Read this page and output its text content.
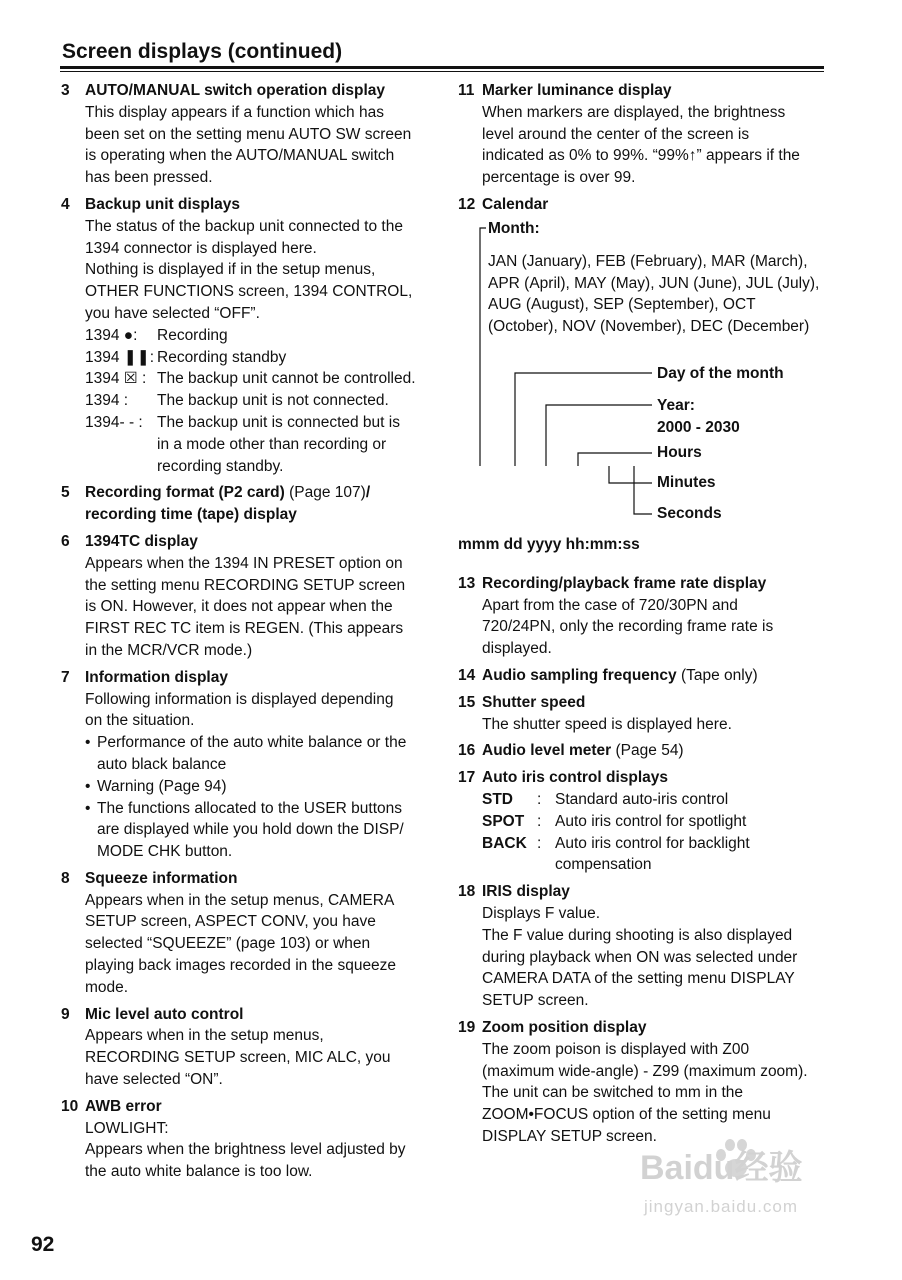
Screen displays (continued)
3 AUTO/MANUAL switch operation display
This display appears if a function which has
been set on the setting menu AUTO SW screen
is operating when the AUTO/MANUAL switch
has been pressed.
4 Backup unit displays
The status of the backup unit connected to the
1394 connector is displayed here.
Nothing is displayed if in the setup menus,
OTHER FUNCTIONS screen, 1394 CONTROL,
you have selected “OFF”.
1394 ●:	Recording
1394 ❚❚: Recording standby
1394 ☒ : The backup unit cannot be controlled.
1394 :	The backup unit is not connected.
1394- - : The backup unit is connected but is
in a mode other than recording or
recording standby.
5 Recording format (P2 card) (Page 107)/
recording time (tape) display
6 1394TC display
Appears when the 1394 IN PRESET option on
the setting menu RECORDING SETUP screen
is ON. However, it does not appear when the
FIRST REC TC item is REGEN. (This appears
in the MCR/VCR mode.)
7 Information display
Following information is displayed depending
on the situation.
• Performance of the auto white balance or the
auto black balance
• Warning (Page 94)
• The functions allocated to the USER buttons
are displayed while you hold down the DISP/
MODE CHK button.
8 Squeeze information
Appears when in the setup menus, CAMERA
SETUP screen, ASPECT CONV, you have
selected “SQUEEZE” (page 103) or when
playing back images recorded in the squeeze
mode.
9 Mic level auto control
Appears when in the setup menus,
RECORDING SETUP screen, MIC ALC, you
have selected “ON”.
10 AWB error
LOWLIGHT:
Appears when the brightness level adjusted by
the auto white balance is too low.
11 Marker luminance display
When markers are displayed, the brightness
level around the center of the screen is
indicated as 0% to 99%. “99%↑” appears if the
percentage is over 99.
12 Calendar
Month:
JAN (January), FEB (February), MAR (March), APR (April), MAY (May), JUN (June), JUL (July), AUG (August), SEP (September), OCT (October), NOV (November), DEC (December)
Day of the month
Year:
2000 - 2030
Hours
Minutes
Seconds
mmm dd yyyy hh:mm:ss
13 Recording/playback frame rate display
Apart from the case of 720/30PN and
720/24PN, only the recording frame rate is
displayed.
14 Audio sampling frequency (Tape only)
15 Shutter speed
The shutter speed is displayed here.
16 Audio level meter (Page 54)
17 Auto iris control displays
STD	: Standard auto-iris control
SPOT : Auto iris control for spotlight
BACK : Auto iris control for backlight
compensation
18 IRIS display
Displays F value.
The F value during shooting is also displayed
during playback when ON was selected under
CAMERA DATA of the setting menu DISPLAY
SETUP screen.
19 Zoom position display
The zoom poison is displayed with Z00
(maximum wide-angle) - Z99 (maximum zoom).
The unit can be switched to mm in the
ZOOM•FOCUS option of the setting menu
DISPLAY SETUP screen.
92
Baidu经验
jingyan.baidu.com
